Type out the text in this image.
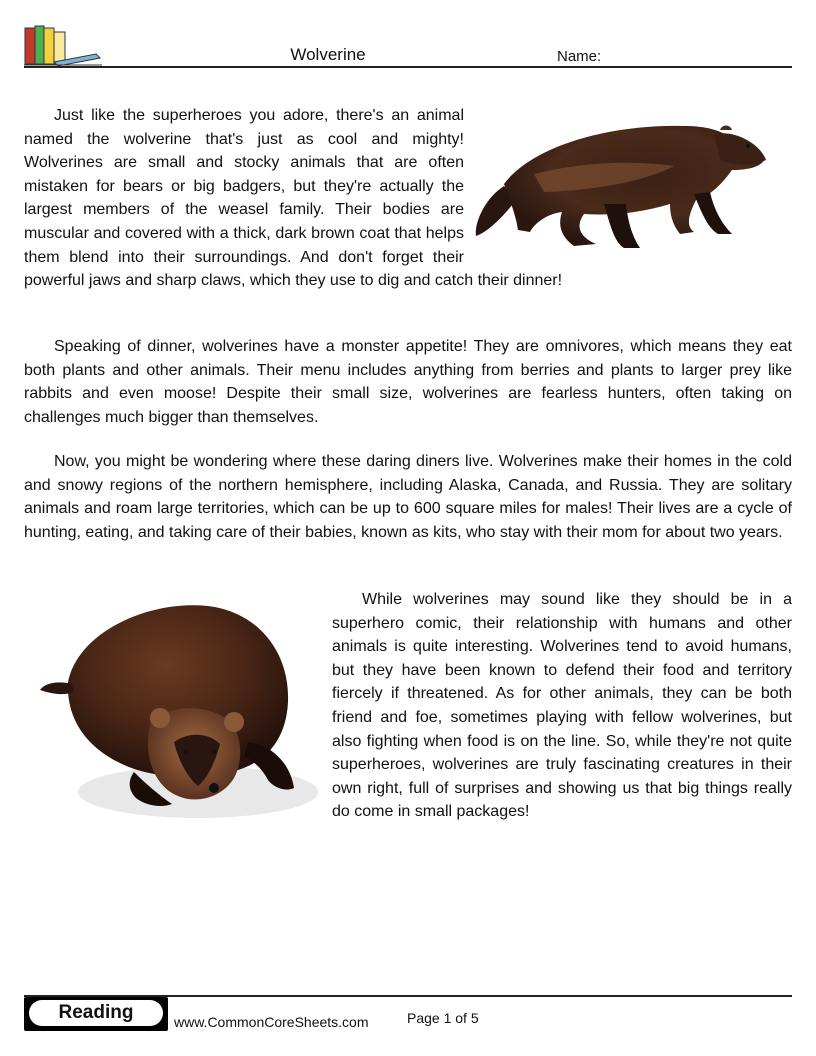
Wolverine	Name:
Just like the superheroes you adore, there's an animal named the wolverine that's just as cool and mighty! Wolverines are small and stocky animals that are often mistaken for bears or big badgers, but they're actually the largest members of the weasel family. Their bodies are muscular and covered with a thick, dark brown coat that helps them blend into their surroundings. And don't forget their powerful jaws and sharp claws, which they use to dig and catch their dinner!
Speaking of dinner, wolverines have a monster appetite! They are omnivores, which means they eat both plants and other animals. Their menu includes anything from berries and plants to larger prey like rabbits and even moose! Despite their small size, wolverines are fearless hunters, often taking on challenges much bigger than themselves.
Now, you might be wondering where these daring diners live. Wolverines make their homes in the cold and snowy regions of the northern hemisphere, including Alaska, Canada, and Russia. They are solitary animals and roam large territories, which can be up to 600 square miles for males! Their lives are a cycle of hunting, eating, and taking care of their babies, known as kits, who stay with their mom for about two years.
While wolverines may sound like they should be in a superhero comic, their relationship with humans and other animals is quite interesting. Wolverines tend to avoid humans, but they have been known to defend their food and territory fiercely if threatened. As for other animals, they can be both friend and foe, sometimes playing with fellow wolverines, but also fighting when food is on the line. So, while they're not quite superheroes, wolverines are truly fascinating creatures in their own right, full of surprises and showing us that big things really do come in small packages!
Reading	www.CommonCoreSheets.com	Page 1 of 5
